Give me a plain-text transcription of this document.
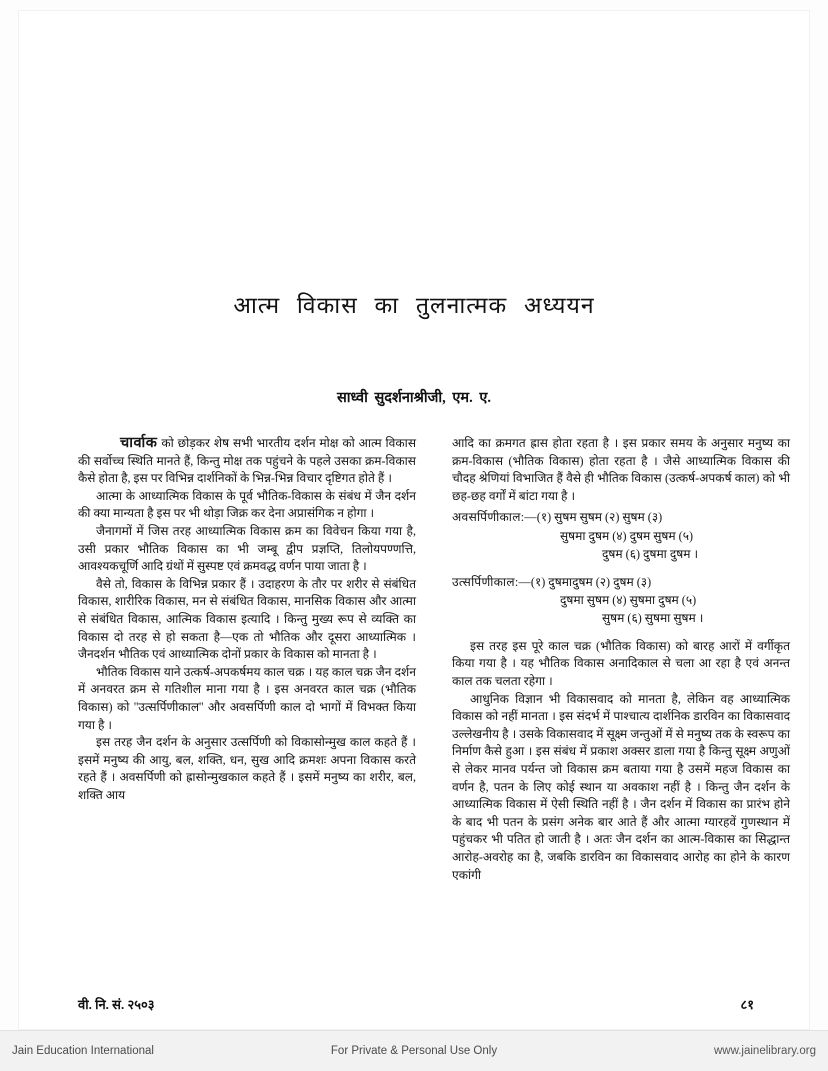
आत्म विकास का तुलनात्मक अध्ययन
साध्वी सुदर्शनाश्रीजी, एम. ए.

चार्वाक को छोड़कर शेष सभी भारतीय दर्शन मोक्ष को आत्म विकास की सर्वोच्च स्थिति मानते हैं, किन्तु मोक्ष तक पहुंचने के पहले उसका क्रम-विकास कैसे होता है, इस पर विभिन्न दार्शनिकों के भिन्न-भिन्न विचार दृष्टिगत होते हैं ।

आत्मा के आध्यात्मिक विकास के पूर्व भौतिक-विकास के संबंध में जैन दर्शन की क्या मान्यता है इस पर भी थोड़ा जिक्र कर देना अप्रासंगिक न होगा ।

जैनागमों में जिस तरह आध्यात्मिक विकास क्रम का विवेचन किया गया है, उसी प्रकार भौतिक विकास का भी जम्बू द्वीप प्रज्ञप्ति, तिलोयपण्णत्ति, आवश्यकचूर्णि आदि ग्रंथों में सुस्पष्ट एवं क्रमवद्ध वर्णन पाया जाता है ।

वैसे तो, विकास के विभिन्न प्रकार हैं । उदाहरण के तौर पर शरीर से संबंधित विकास, शारीरिक विकास, मन से संबंधित विकास, मानसिक विकास और आत्मा से संबंधित विकास, आत्मिक विकास इत्यादि । किन्तु मुख्य रूप से व्यक्ति का विकास दो तरह से हो सकता है—एक तो भौतिक और दूसरा आध्यात्मिक । जैनदर्शन भौतिक एवं आध्यात्मिक दोनों प्रकार के विकास को मानता है ।

भौतिक विकास याने उत्कर्ष-अपकर्षमय काल चक्र । यह काल चक्र जैन दर्शन में अनवरत क्रम से गतिशील माना गया है । इस अनवरत काल चक्र (भौतिक विकास) को ''उत्सर्पिणीकाल'' और अवसर्पिणी काल दो भागों में विभक्त किया गया है ।

इस तरह जैन दर्शन के अनुसार उत्सर्पिणी को विकासोन्मुख काल कहते हैं । इसमें मनुष्य की आयु, बल, शक्ति, धन, सुख आदि क्रमशः अपना विकास करते रहते हैं । अवसर्पिणी को ह्रासोन्मुखकाल कहते हैं । इसमें मनुष्य का शरीर, बल, शक्ति आय

आदि का क्रमगत ह्रास होता रहता है । इस प्रकार समय के अनुसार मनुष्य का क्रम-विकास (भौतिक विकास) होता रहता है । जैसे आध्यात्मिक विकास की चौदह श्रेणियां विभाजित हैं वैसे ही भौतिक विकास (उत्कर्ष-अपकर्ष काल) को भी छह-छह वर्गों में बांटा गया है ।

अवसर्पिणीकाल:—(१) सुषम सुषम (२) सुषम (३)
सुषमा दुषम (४) दुषम सुषम (५)
दुषम (६) दुषमा दुषम ।
उत्सर्पिणीकाल:—(१) दुषमादुषम (२) दुषम (३)
दुषमा सुषम (४) सुषमा दुषम (५)
सुषम (६) सुषमा सुषम ।

इस तरह इस पूरे काल चक्र (भौतिक विकास) को बारह आरों में वर्गीकृत किया गया है । यह भौतिक विकास अनादिकाल से चला आ रहा है एवं अनन्त काल तक चलता रहेगा ।

आधुनिक विज्ञान भी विकासवाद को मानता है, लेकिन वह आध्यात्मिक विकास को नहीं मानता । इस संदर्भ में पाश्चात्य दार्शनिक डारविन का विकासवाद उल्लेखनीय है । उसके विकासवाद में सूक्ष्म जन्तुओं में से मनुष्य तक के स्वरूप का निर्माण कैसे हुआ । इस संबंध में प्रकाश अक्सर डाला गया है किन्तु सूक्ष्म अणुओं से लेकर मानव पर्यन्त जो विकास क्रम बताया गया है उसमें महज विकास का वर्णन है, पतन के लिए कोई स्थान या अवकाश नहीं है । किन्तु जैन दर्शन के आध्यात्मिक विकास में ऐसी स्थिति नहीं है । जैन दर्शन में विकास का प्रारंभ होने के बाद भी पतन के प्रसंग अनेक बार आते हैं और आत्मा ग्यारहवें गुणस्थान में पहुंचकर भी पतित हो जाती है । अतः जैन दर्शन का आत्म-विकास का सिद्धान्त आरोह-अवरोह का है, जबकि डारविन का विकासवाद आरोह का होने के कारण एकांगी

वी. नि. सं. २५०३	८१
Jain Education International	For Private & Personal Use Only	www.jainelibrary.org
